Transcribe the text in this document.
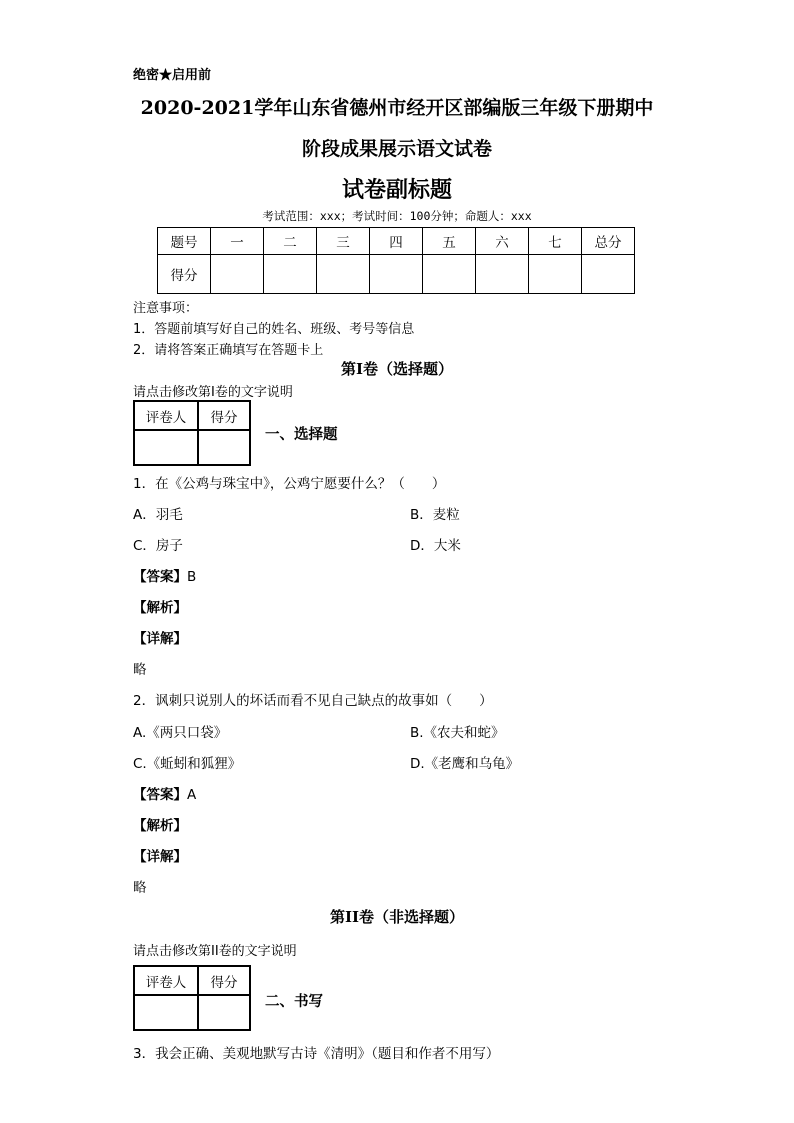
绝密★启用前
2020-2021学年山东省德州市经开区部编版三年级下册期中
阶段成果展示语文试卷
试卷副标题
考试范围：xxx；考试时间：100分钟；命题人：xxx
题号	一	二	三	四	五	六	七	总分
得分								
注意事项：
1．答题前填写好自己的姓名、班级、考号等信息
2．请将答案正确填写在答题卡上
第I卷（选择题）
请点击修改第I卷的文字说明
评卷人	得分

一、选择题
1．在《公鸡与珠宝中》，公鸡宁愿要什么？（　　）
A．羽毛	B．麦粒
C．房子	D．大米
【答案】B
【解析】
【详解】
略
2．讽刺只说别人的坏话而看不见自己缺点的故事如（　　）
A.《两只口袋》	B.《农夫和蛇》
C.《蚯蚓和狐狸》	D.《老鹰和乌龟》
【答案】A
【解析】
【详解】
略
第II卷（非选择题）
请点击修改第II卷的文字说明
评卷人	得分

二、书写
3．我会正确、美观地默写古诗《清明》（题目和作者不用写）
